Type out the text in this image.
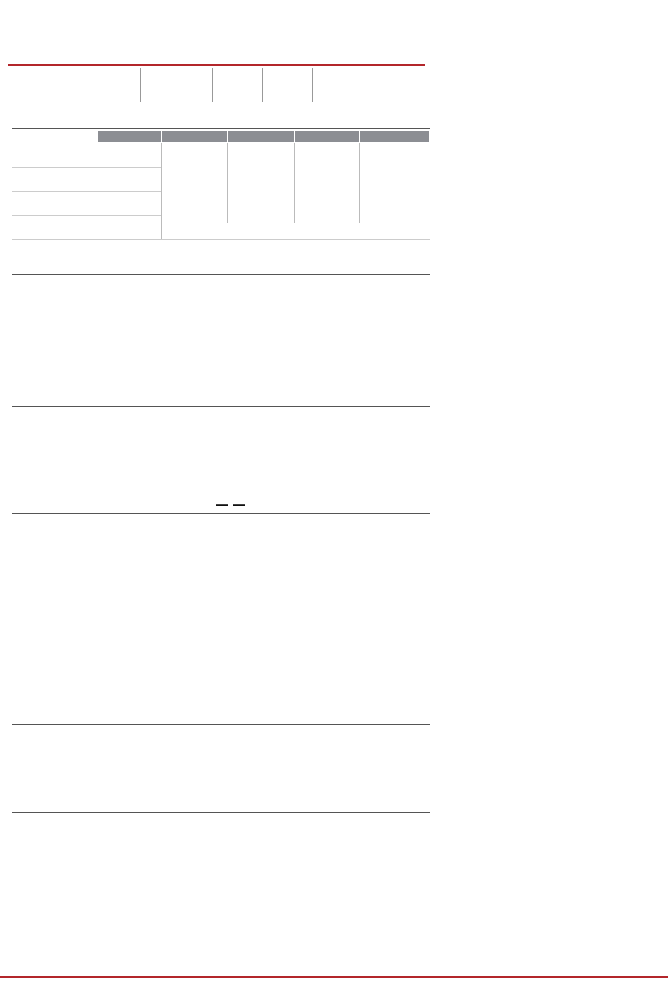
▬▬   ▬▬
